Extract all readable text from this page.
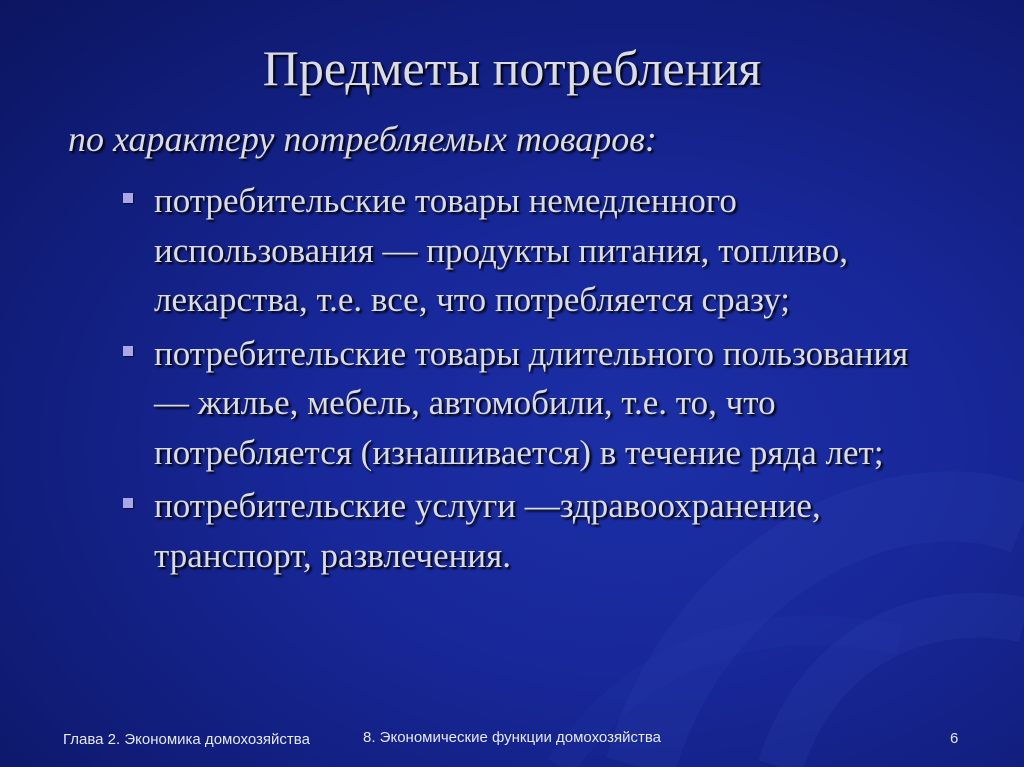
Предметы потребления
по характеру потребляемых товаров:
потребительские товары немедленного использования — продукты питания, топливо, лекарства, т.е. все, что потребляется сразу;
потребительские товары длительного пользования — жилье, мебель, автомобили, т.е. то, что потребляется (изнашивается) в течение ряда лет;
потребительские услуги —здравоохранение, транспорт, развлечения.
Глава 2. Экономика домохозяйства	8. Экономические функции домохозяйства	6
